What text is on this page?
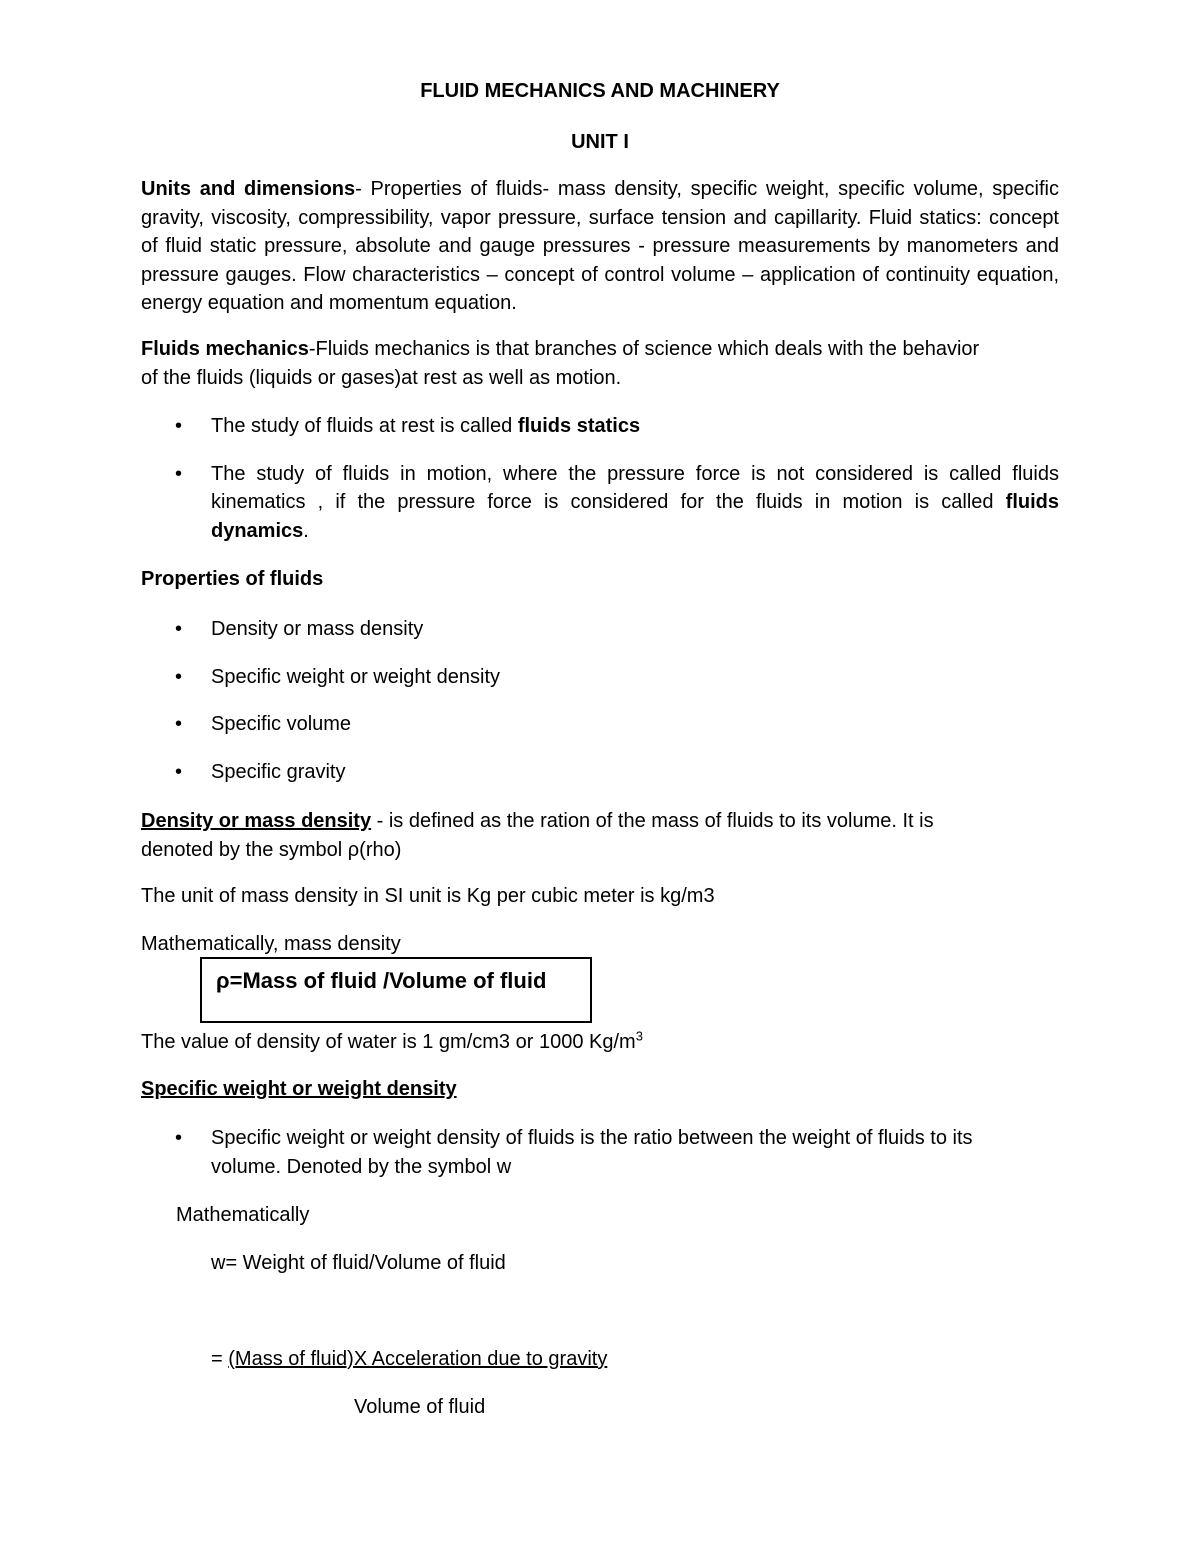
FLUID MECHANICS AND MACHINERY
UNIT I
Units and dimensions- Properties of fluids- mass density, specific weight, specific volume, specific gravity, viscosity, compressibility, vapor pressure, surface tension and capillarity. Fluid statics: concept of fluid static pressure, absolute and gauge pressures - pressure measurements by manometers and pressure gauges. Flow characteristics – concept of control volume – application of continuity equation, energy equation and momentum equation.
Fluids mechanics-Fluids mechanics is that branches of science which deals with the behavior
of the fluids (liquids or gases)at rest as well as motion.
• The study of fluids at rest is called fluids statics
• The study of fluids in motion, where the pressure force is not considered is called fluids
kinematics , if the pressure force is considered for the fluids in motion is called fluids
dynamics.
Properties of fluids
• Density or mass density
• Specific weight or weight density
• Specific volume
• Specific gravity
Density or mass density - is defined as the ration of the mass of fluids to its volume. It is
denoted by the symbol ρ(rho)
The unit of mass density in SI unit is Kg per cubic meter is kg/m3
Mathematically, mass density
ρ=Mass of fluid /Volume of fluid
The value of density of water is 1 gm/cm3 or 1000 $Kg/m^3$
Specific weight or weight density
• Specific weight or weight density of fluids is the ratio between the weight of fluids to its
volume. Denoted by the symbol w
Mathematically
w= Weight of fluid/Volume of fluid
= (Mass of fluid)X Acceleration due to gravity
Volume of fluid
